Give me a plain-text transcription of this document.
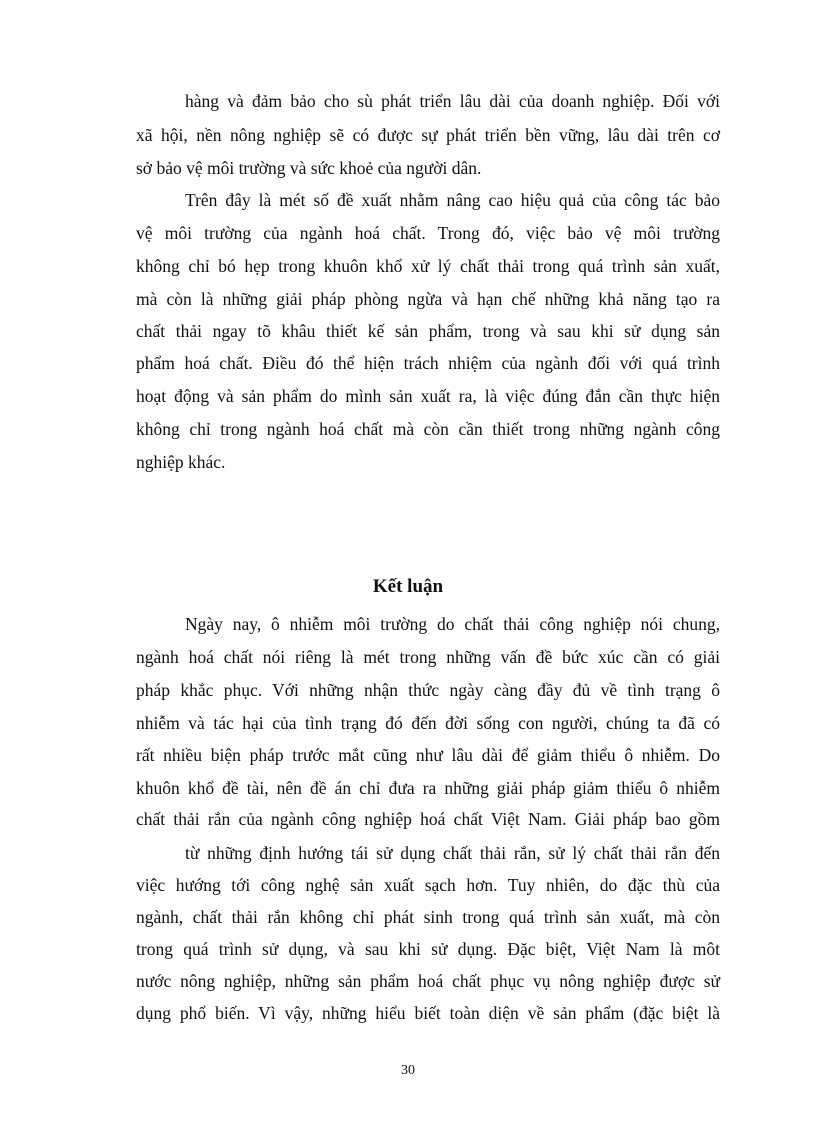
hàng và đảm bảo cho sù phát triển lâu dài của doanh nghiệp. Đối với
xã hội, nền nông nghiệp sẽ có được sự phát triển bền vững, lâu dài trên cơ
sở bảo vệ môi trường và sức khoẻ của người dân.
Trên đây là mét số đề xuất nhằm nâng cao hiệu quả của công tác bảo
vệ môi trường của ngành hoá chất. Trong đó, việc bảo vệ môi trường
không chỉ bó hẹp trong khuôn khổ xử lý chất thải trong quá trình sản xuất,
mà còn là những giải pháp phòng ngừa và hạn chế những khả năng tạo ra
chất thải ngay tõ khâu thiết kế sản phẩm, trong và sau khi sử dụng sản
phẩm hoá chất. Điều đó thể hiện trách nhiệm của ngành đối với quá trình
hoạt động và sản phẩm do mình sản xuất ra, là việc đúng đắn cần thực hiện
không chỉ trong ngành hoá chất mà còn cần thiết trong những ngành công
nghiệp khác.
Kết luận
Ngày nay, ô nhiễm môi trường do chất thải công nghiệp nói chung,
ngành hoá chất nói riêng là mét trong những vấn đề bức xúc cần có giải
pháp khắc phục. Với những nhận thức ngày càng đầy đủ về tình trạng ô
nhiễm và tác hại của tình trạng đó đến đời sống con người, chúng ta đã có
rất nhiều biện pháp trước mắt cũng như lâu dài để giảm thiểu ô nhiễm. Do
khuôn khổ đề tài, nên đề án chỉ đưa ra những giải pháp giảm thiểu ô nhiễm
chất thải rắn của ngành công nghiệp hoá chất Việt Nam. Giải pháp bao gồm
từ những định hướng tái sử dụng chất thải rắn, sử lý chất thải rắn đến
việc hướng tới công nghệ sản xuất sạch hơn. Tuy nhiên, do đặc thù của
ngành, chất thải rắn không chỉ phát sinh trong quá trình sản xuất, mà còn
trong quá trình sử dụng, và sau khi sử dụng. Đặc biệt, Việt Nam là môt
nước nông nghiệp, những sản phẩm hoá chất phục vụ nông nghiệp được sử
dụng phổ biến. Vì vậy, những hiểu biết toàn diện về sản phẩm (đặc biệt là
30
